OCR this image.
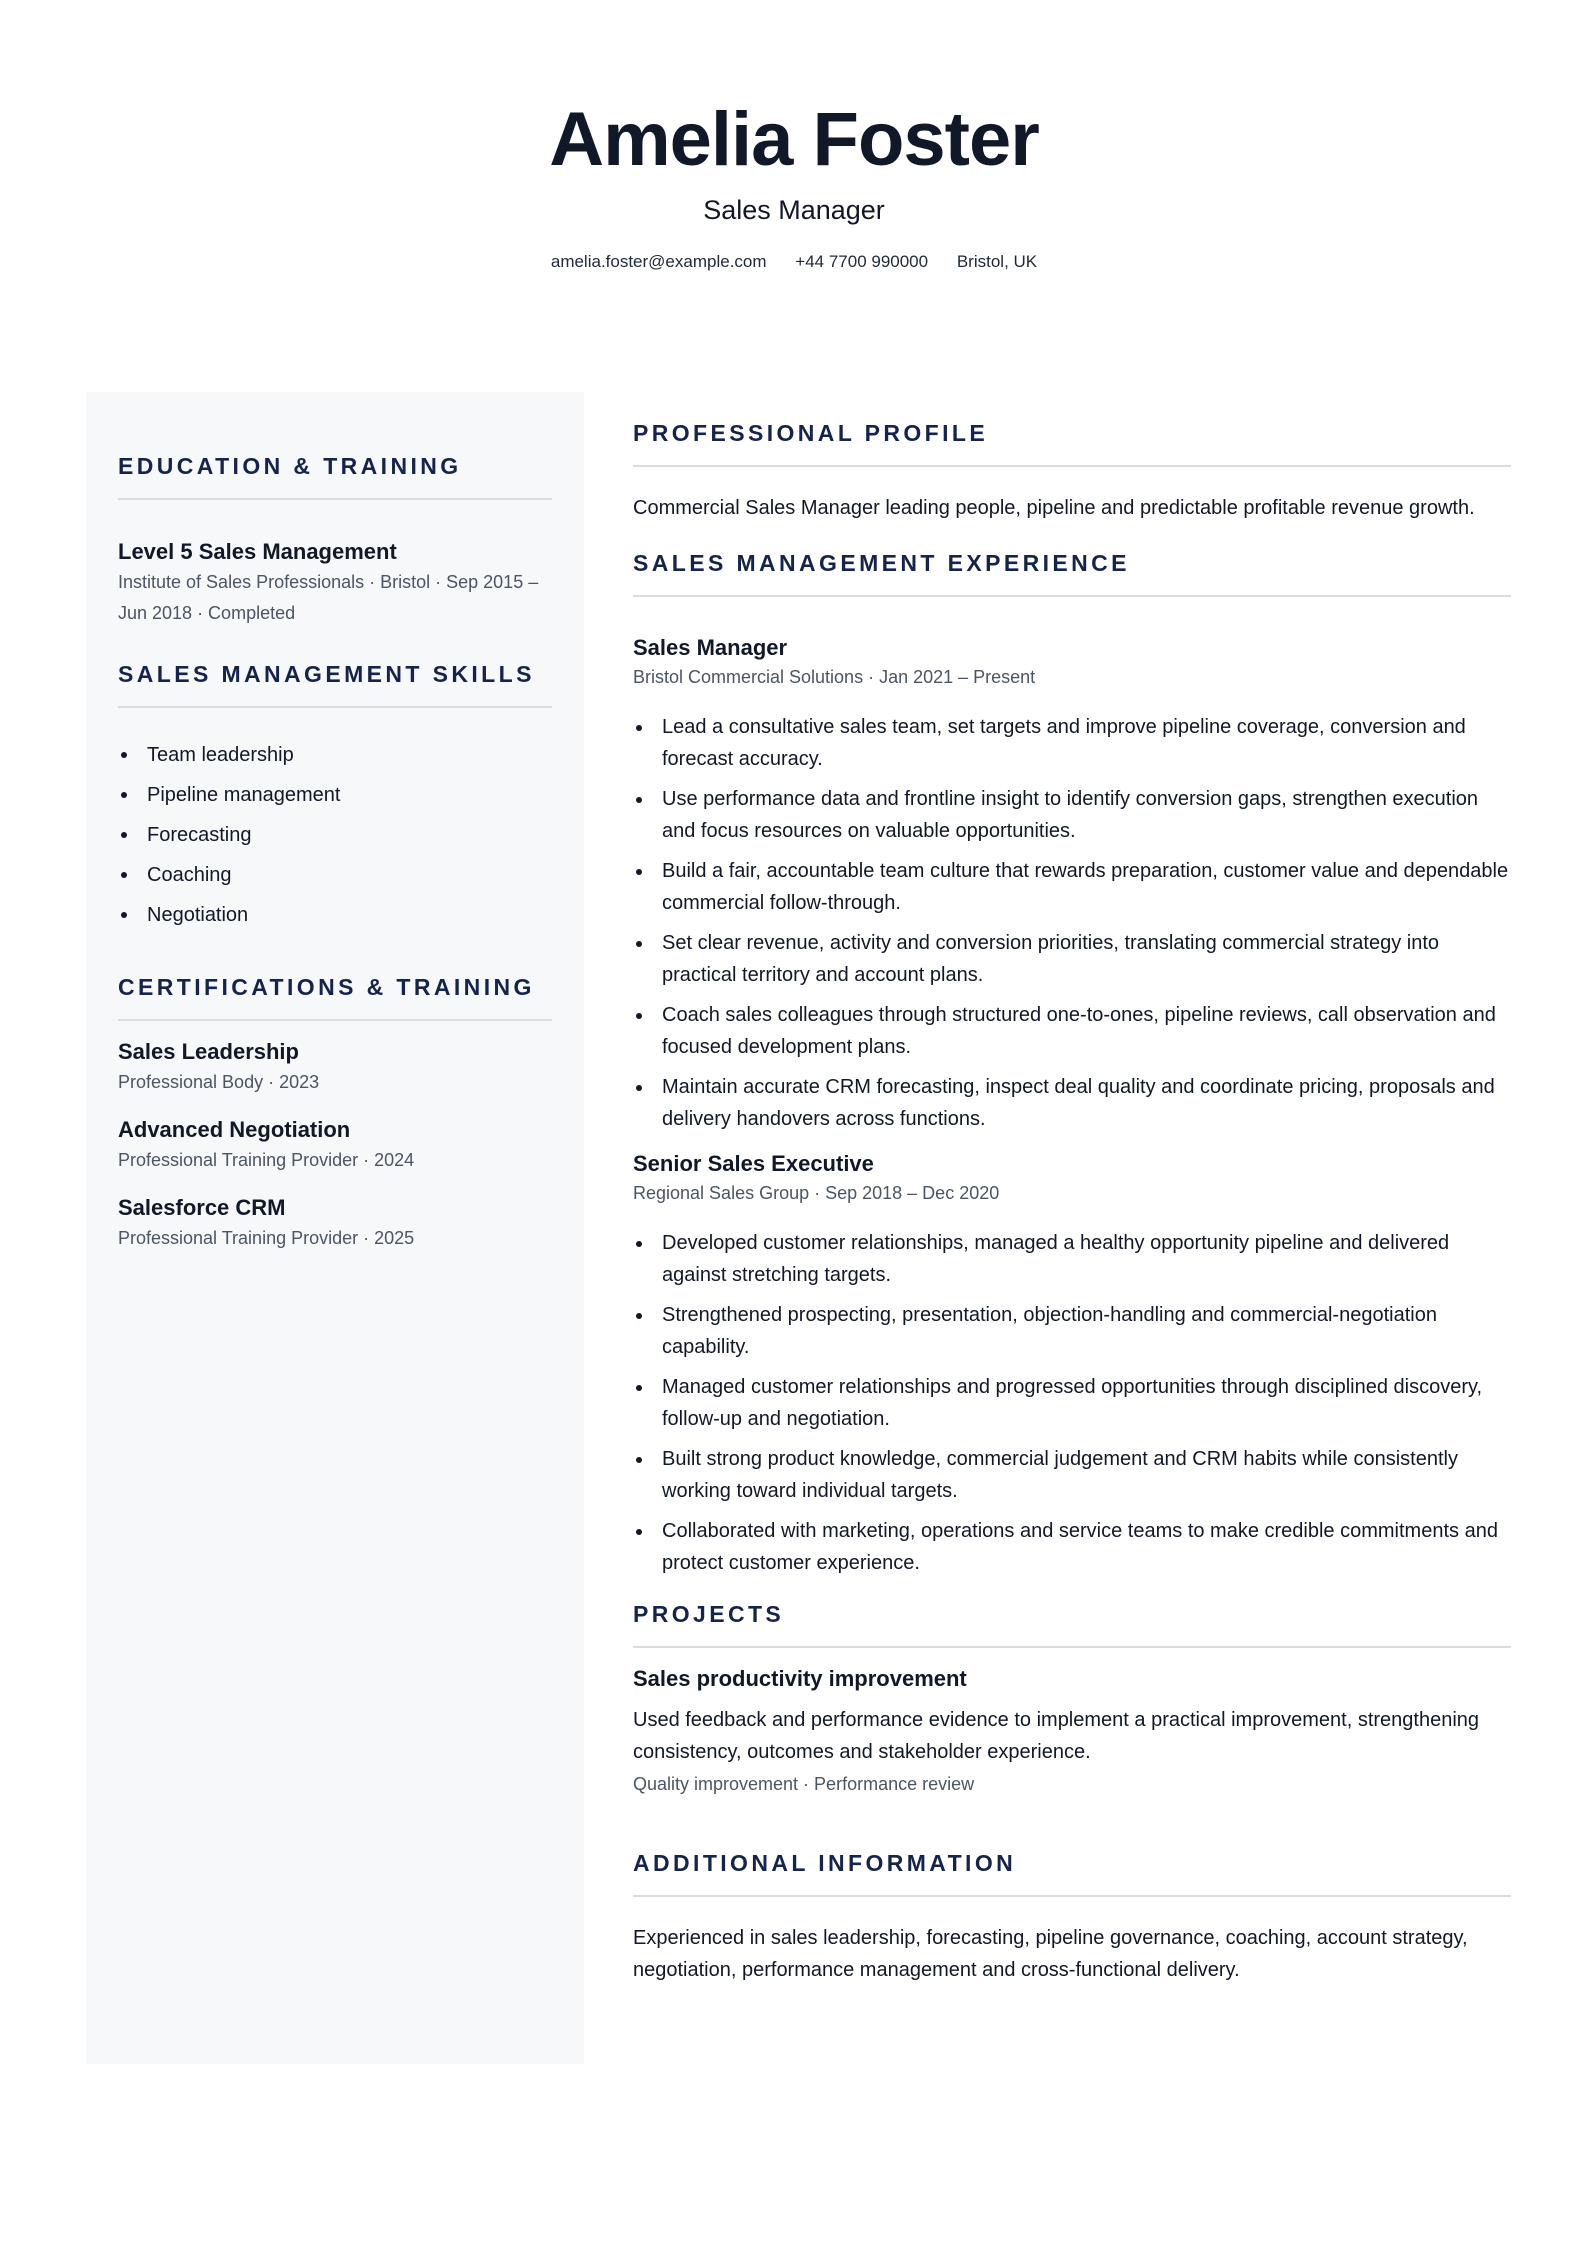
Amelia Foster
Sales Manager
amelia.foster@example.com +44 7700 990000 Bristol, UK
EDUCATION & TRAINING
Level 5 Sales Management
Institute of Sales Professionals · Bristol · Sep 2015 – Jun 2018 · Completed
SALES MANAGEMENT SKILLS
Team leadership
Pipeline management
Forecasting
Coaching
Negotiation
CERTIFICATIONS & TRAINING
Sales Leadership
Professional Body · 2023
Advanced Negotiation
Professional Training Provider · 2024
Salesforce CRM
Professional Training Provider · 2025
PROFESSIONAL PROFILE
Commercial Sales Manager leading people, pipeline and predictable profitable revenue growth.
SALES MANAGEMENT EXPERIENCE
Sales Manager
Bristol Commercial Solutions · Jan 2021 – Present
Lead a consultative sales team, set targets and improve pipeline coverage, conversion and forecast accuracy.
Use performance data and frontline insight to identify conversion gaps, strengthen execution and focus resources on valuable opportunities.
Build a fair, accountable team culture that rewards preparation, customer value and dependable commercial follow-through.
Set clear revenue, activity and conversion priorities, translating commercial strategy into practical territory and account plans.
Coach sales colleagues through structured one-to-ones, pipeline reviews, call observation and focused development plans.
Maintain accurate CRM forecasting, inspect deal quality and coordinate pricing, proposals and delivery handovers across functions.
Senior Sales Executive
Regional Sales Group · Sep 2018 – Dec 2020
Developed customer relationships, managed a healthy opportunity pipeline and delivered against stretching targets.
Strengthened prospecting, presentation, objection-handling and commercial-negotiation capability.
Managed customer relationships and progressed opportunities through disciplined discovery, follow-up and negotiation.
Built strong product knowledge, commercial judgement and CRM habits while consistently working toward individual targets.
Collaborated with marketing, operations and service teams to make credible commitments and protect customer experience.
PROJECTS
Sales productivity improvement
Used feedback and performance evidence to implement a practical improvement, strengthening consistency, outcomes and stakeholder experience.
Quality improvement · Performance review
ADDITIONAL INFORMATION
Experienced in sales leadership, forecasting, pipeline governance, coaching, account strategy, negotiation, performance management and cross-functional delivery.
